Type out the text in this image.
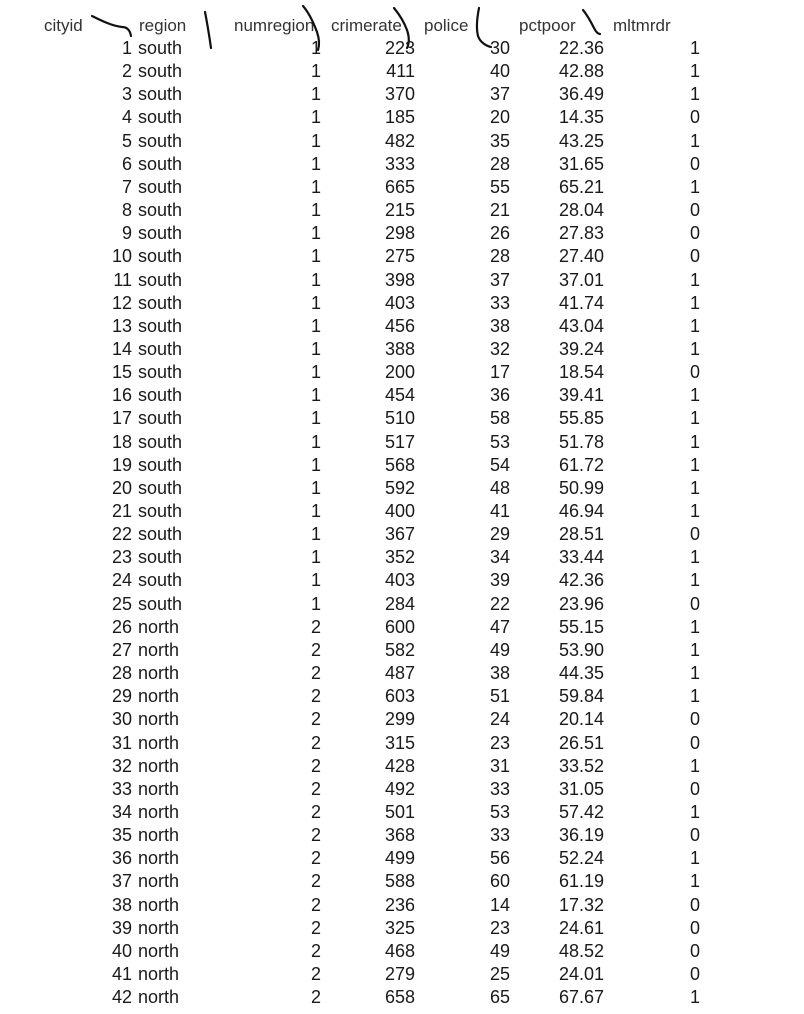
cityid	region	numregion crimerate police	pctpoor mltmrdr
1 south	1	223	30	22.36	1
2 south	1	411	40	42.88	1
3 south	1	370	37	36.49	1
4 south	1	185	20	14.35	0
5 south	1	482	35	43.25	1
6 south	1	333	28	31.65	0
7 south	1	665	55	65.21	1
8 south	1	215	21	28.04	0
9 south	1	298	26	27.83	0
10 south	1	275	28	27.40	0
11 south	1	398	37	37.01	1
12 south	1	403	33	41.74	1
13 south	1	456	38	43.04	1
14 south	1	388	32	39.24	1
15 south	1	200	17	18.54	0
16 south	1	454	36	39.41	1
17 south	1	510	58	55.85	1
18 south	1	517	53	51.78	1
19 south	1	568	54	61.72	1
20 south	1	592	48	50.99	1
21 south	1	400	41	46.94	1
22 south	1	367	29	28.51	0
23 south	1	352	34	33.44	1
24 south	1	403	39	42.36	1
25 south	1	284	22	23.96	0
26 north	2	600	47	55.15	1
27 north	2	582	49	53.90	1
28 north	2	487	38	44.35	1
29 north	2	603	51	59.84	1
30 north	2	299	24	20.14	0
31 north	2	315	23	26.51	0
32 north	2	428	31	33.52	1
33 north	2	492	33	31.05	0
34 north	2	501	53	57.42	1
35 north	2	368	33	36.19	0
36 north	2	499	56	52.24	1
37 north	2	588	60	61.19	1
38 north	2	236	14	17.32	0
39 north	2	325	23	24.61	0
40 north	2	468	49	48.52	0
41 north	2	279	25	24.01	0
42 north	2	658	65	67.67	1
